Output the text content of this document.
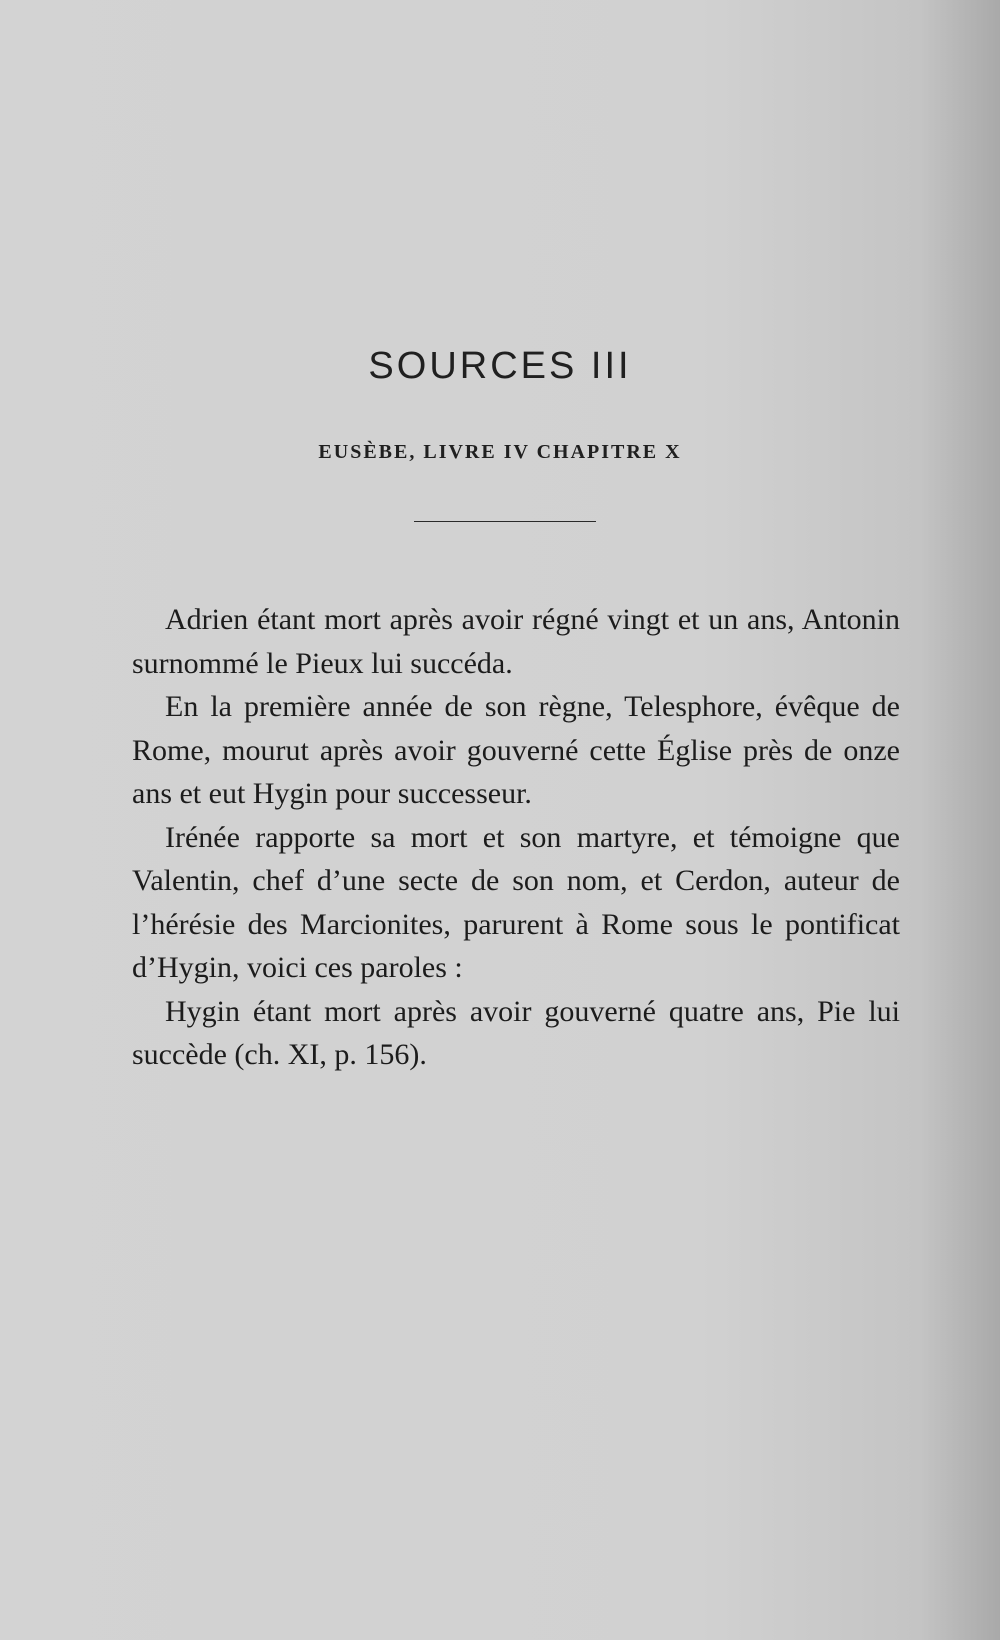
SOURCES III
EUSÈBE, LIVRE IV CHAPITRE X

Adrien étant mort après avoir régné vingt et un ans, Antonin surnommé le Pieux lui succéda.

En la première année de son règne, Telesphore, évêque de Rome, mourut après avoir gouverné cette Église près de onze ans et eut Hygin pour successeur.

Irénée rapporte sa mort et son martyre, et témoigne que Valentin, chef d’une secte de son nom, et Cerdon, auteur de l’hérésie des Marcionites, parurent à Rome sous le pontificat d’Hygin, voici ces paroles :

Hygin étant mort après avoir gouverné quatre ans, Pie lui succède (ch. XI, p. 156).
